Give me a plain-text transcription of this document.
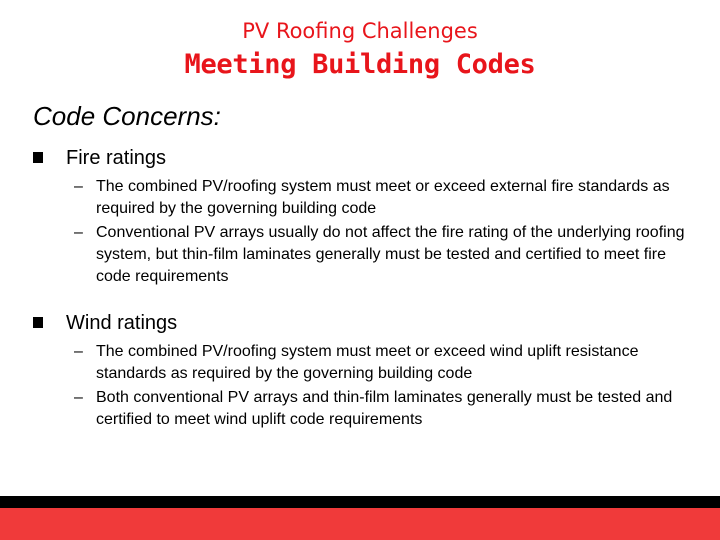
PV Roofing Challenges
Meeting Building Codes
Code Concerns:
Fire ratings
– The combined PV/roofing system must meet or exceed external fire standards as required by the governing building code
– Conventional PV arrays usually do not affect the fire rating of the underlying roofing system, but thin-film laminates generally must be tested and certified to meet fire code requirements
Wind ratings
– The combined PV/roofing system must meet or exceed wind uplift resistance standards as required by the governing building code
– Both conventional PV arrays and thin-film laminates generally must be tested and certified to meet wind uplift code requirements
